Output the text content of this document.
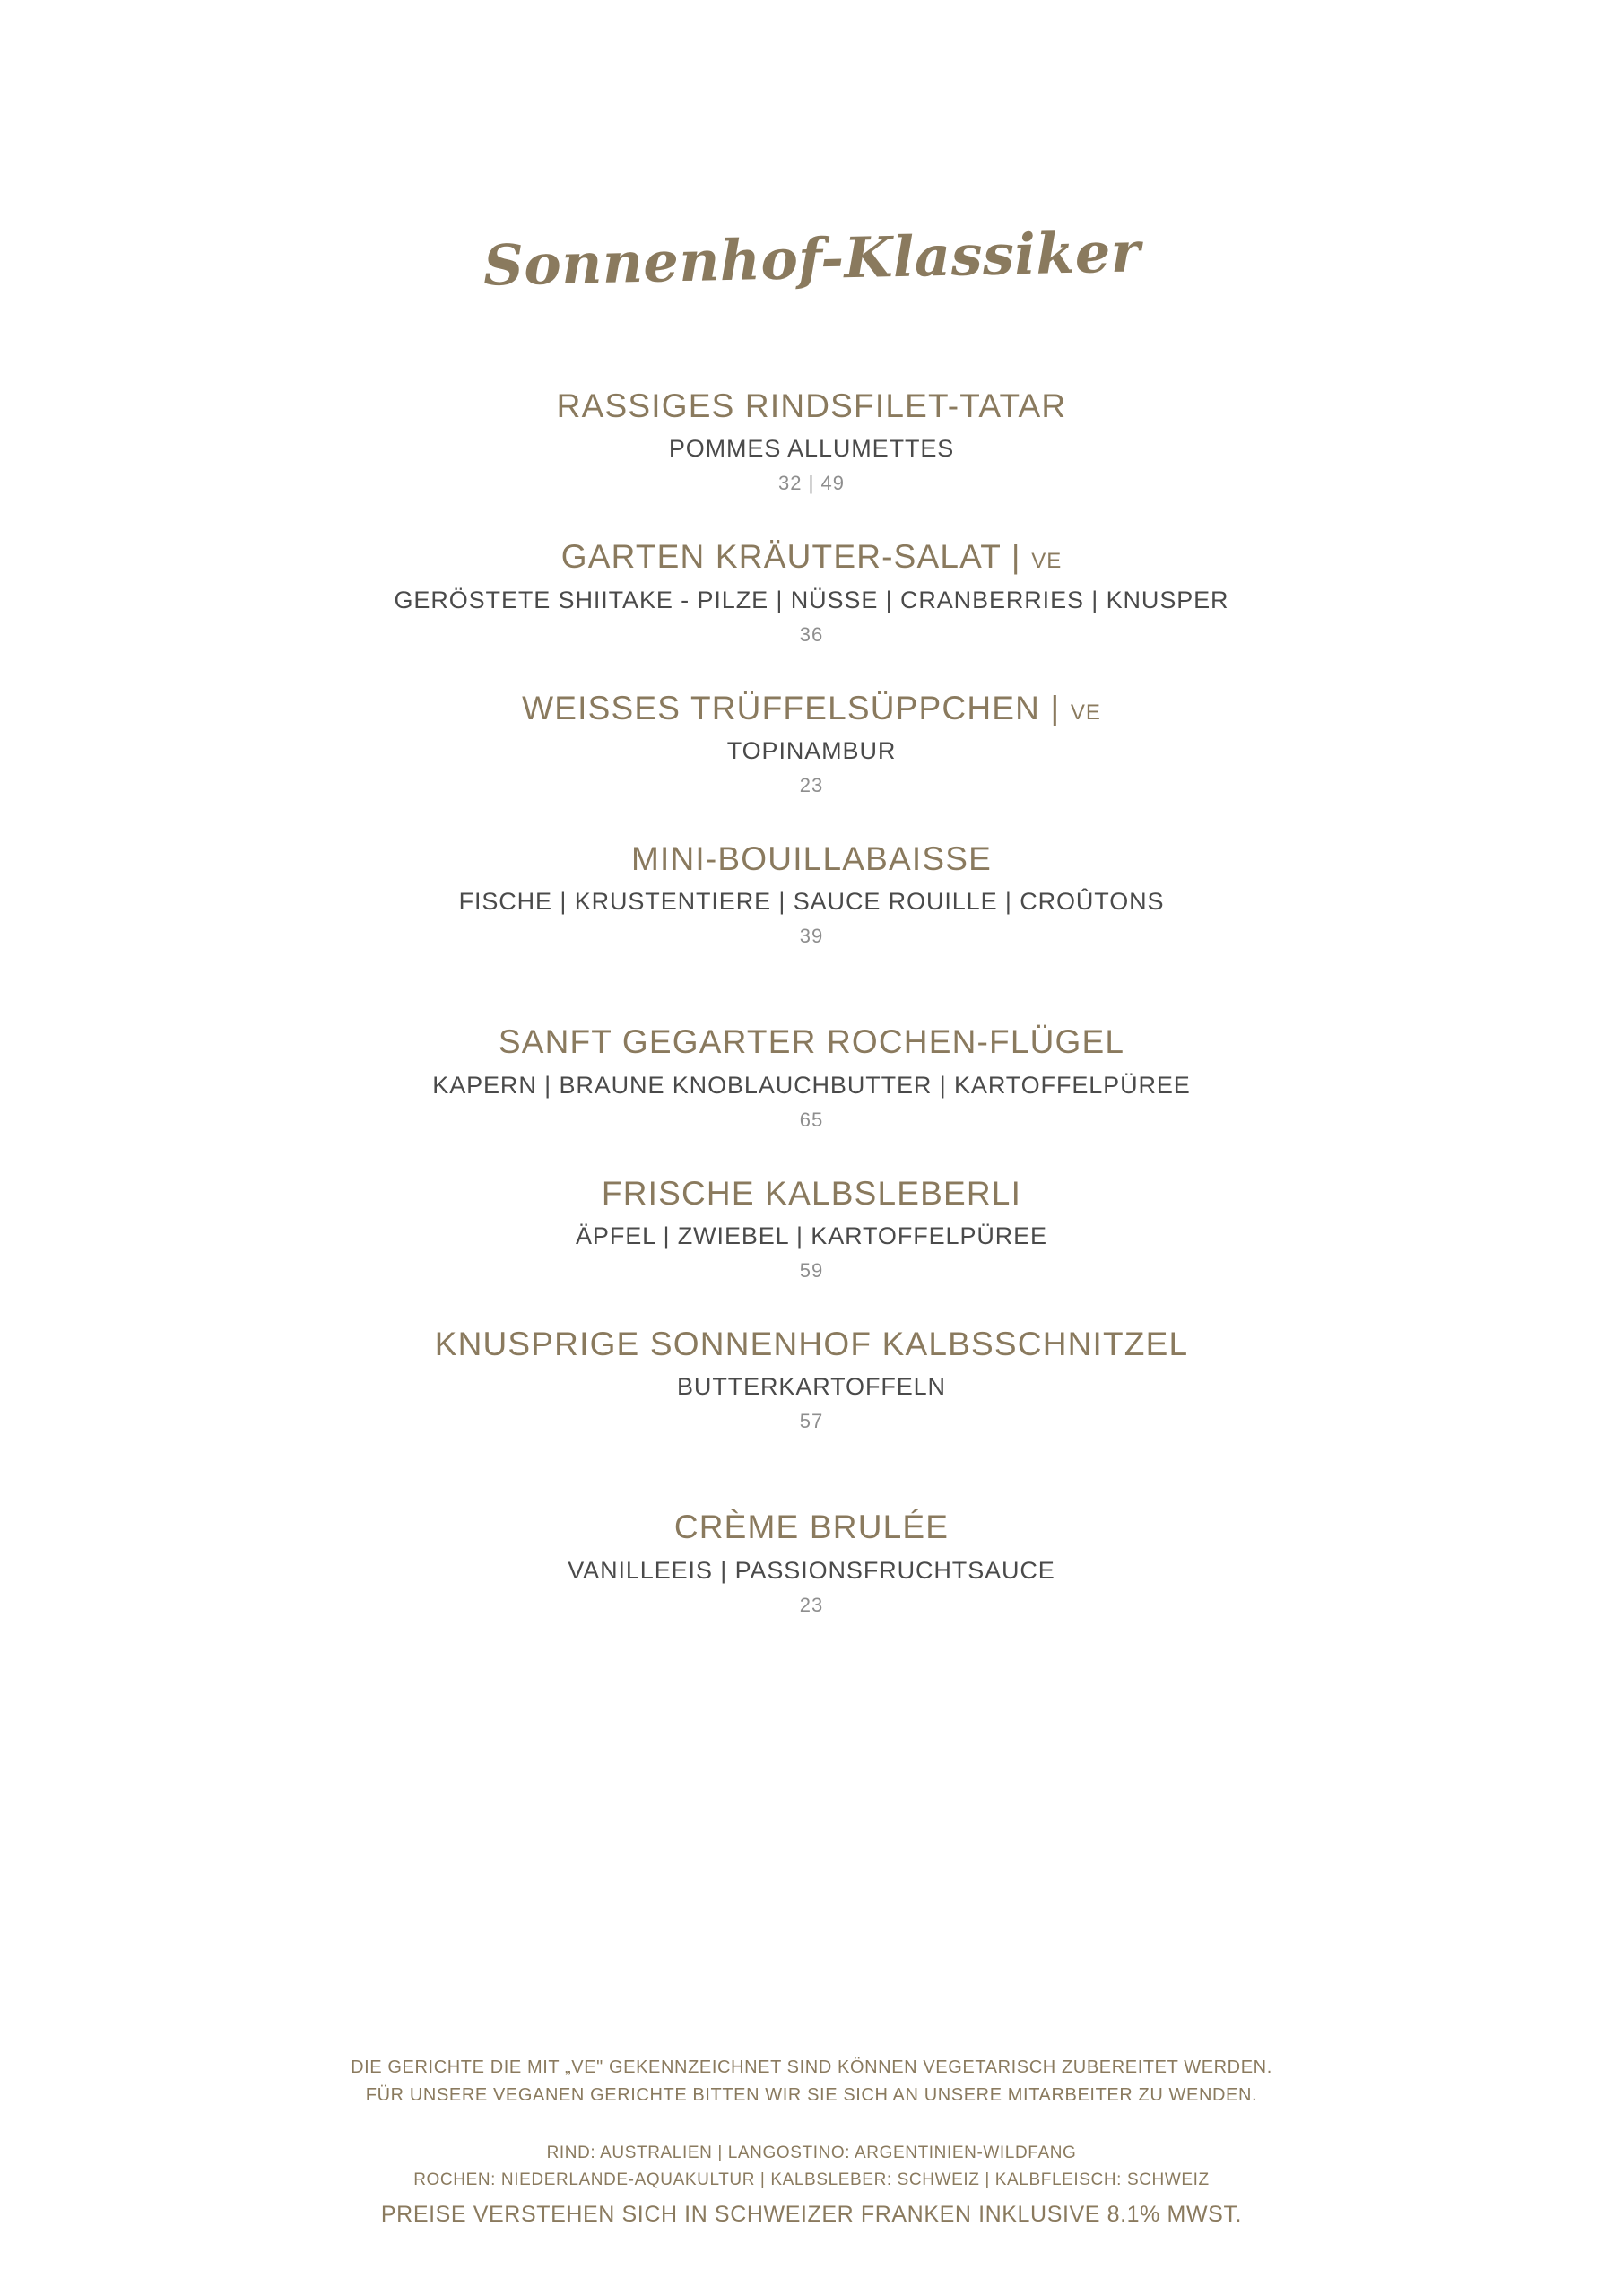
Sonnenhof-Klassiker
RASSIGES RINDSFILET-TATAR
POMMES ALLUMETTES
32 | 49
GARTEN KRÄUTER-SALAT | VE
GERÖSTETE SHIITAKE - PILZE | NÜSSE | CRANBERRIES | KNUSPER
36
WEISSES TRÜFFELSÜPPCHEN | VE
TOPINAMBUR
23
MINI-BOUILLABAISSE
FISCHE | KRUSTENTIERE | SAUCE ROUILLE | CROÛTONS
39
SANFT GEGARTER ROCHEN-FLÜGEL
KAPERN | BRAUNE KNOBLAUCHBUTTER | KARTOFFELPÜREE
65
FRISCHE KALBSLEBERLI
ÄPFEL | ZWIEBEL | KARTOFFELPÜREE
59
KNUSPRIGE SONNENHOF KALBSSCHNITZEL
BUTTERKARTOFFELN
57
CRÈME BRULÉE
VANILLEEIS | PASSIONSFRUCHTSAUCE
23
DIE GERICHTE DIE MIT „VE" GEKENNZEICHNET SIND KÖNNEN VEGETARISCH ZUBEREITET WERDEN.
FÜR UNSERE VEGANEN GERICHTE BITTEN WIR SIE SICH AN UNSERE MITARBEITER ZU WENDEN.
RIND: AUSTRALIEN | LANGOSTINO: ARGENTINIEN-WILDFANG
ROCHEN: NIEDERLANDE-AQUAKULTUR | KALBSLEBER: SCHWEIZ | KALBFLEISCH: SCHWEIZ
PREISE VERSTEHEN SICH IN SCHWEIZER FRANKEN INKLUSIVE 8.1% MWST.
